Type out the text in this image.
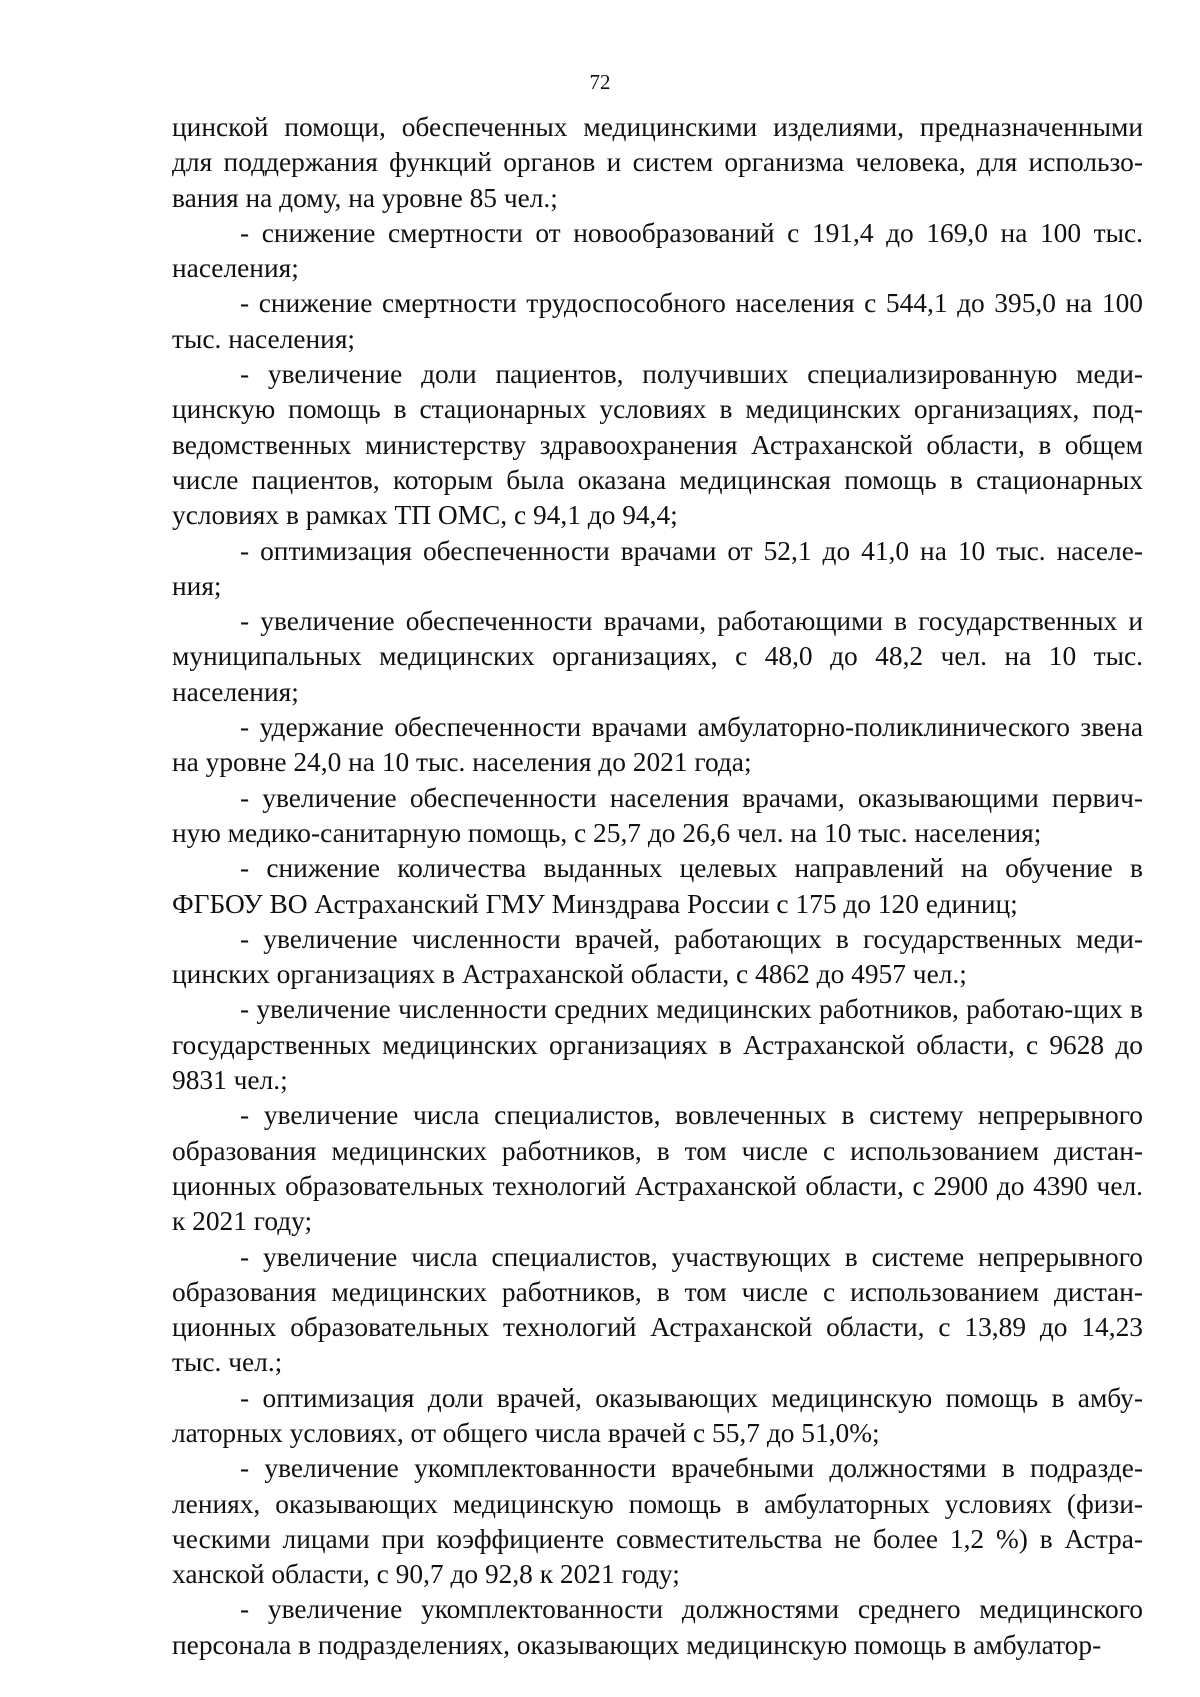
72

цинской помощи, обеспеченных медицинскими изделиями, предназначенными для поддержания функций органов и систем организма человека, для использо-вания на дому, на уровне 85 чел.;

- снижение смертности от новообразований с 191,4 до 169,0 на 100 тыс. населения;

- снижение смертности трудоспособного населения с 544,1 до 395,0 на 100 тыс. населения;

- увеличение доли пациентов, получивших специализированную меди-цинскую помощь в стационарных условиях в медицинских организациях, под-ведомственных министерству здравоохранения Астраханской области, в общем числе пациентов, которым была оказана медицинская помощь в стационарных условиях в рамках ТП ОМС, с 94,1 до 94,4;

- оптимизация обеспеченности врачами от 52,1 до 41,0 на 10 тыс. населе-ния;

- увеличение обеспеченности врачами, работающими в государственных и муниципальных медицинских организациях, с 48,0 до 48,2 чел. на 10 тыс. населения;

- удержание обеспеченности врачами амбулаторно-поликлинического звена на уровне 24,0 на 10 тыс. населения до 2021 года;

- увеличение обеспеченности населения врачами, оказывающими первич-ную медико-санитарную помощь, с 25,7 до 26,6 чел. на 10 тыс. населения;

- снижение количества выданных целевых направлений на обучение в ФГБОУ ВО Астраханский ГМУ Минздрава России с 175 до 120 единиц;

- увеличение численности врачей, работающих в государственных меди-цинских организациях в Астраханской области, с 4862 до 4957 чел.;

- увеличение численности средних медицинских работников, работаю-щих в государственных медицинских организациях в Астраханской области, с 9628 до 9831 чел.;

- увеличение числа специалистов, вовлеченных в систему непрерывного образования медицинских работников, в том числе с использованием дистан-ционных образовательных технологий Астраханской области, с 2900 до 4390 чел. к 2021 году;

- увеличение числа специалистов, участвующих в системе непрерывного образования медицинских работников, в том числе с использованием дистан-ционных образовательных технологий Астраханской области, с 13,89 до 14,23 тыс. чел.;

- оптимизация доли врачей, оказывающих медицинскую помощь в амбу-латорных условиях, от общего числа врачей с 55,7 до 51,0%;

- увеличение укомплектованности врачебными должностями в подразде-лениях, оказывающих медицинскую помощь в амбулаторных условиях (физи-ческими лицами при коэффициенте совместительства не более 1,2 %) в Астра-ханской области, с 90,7 до 92,8 к 2021 году;

- увеличение укомплектованности должностями среднего медицинского персонала в подразделениях, оказывающих медицинскую помощь в амбулатор-
